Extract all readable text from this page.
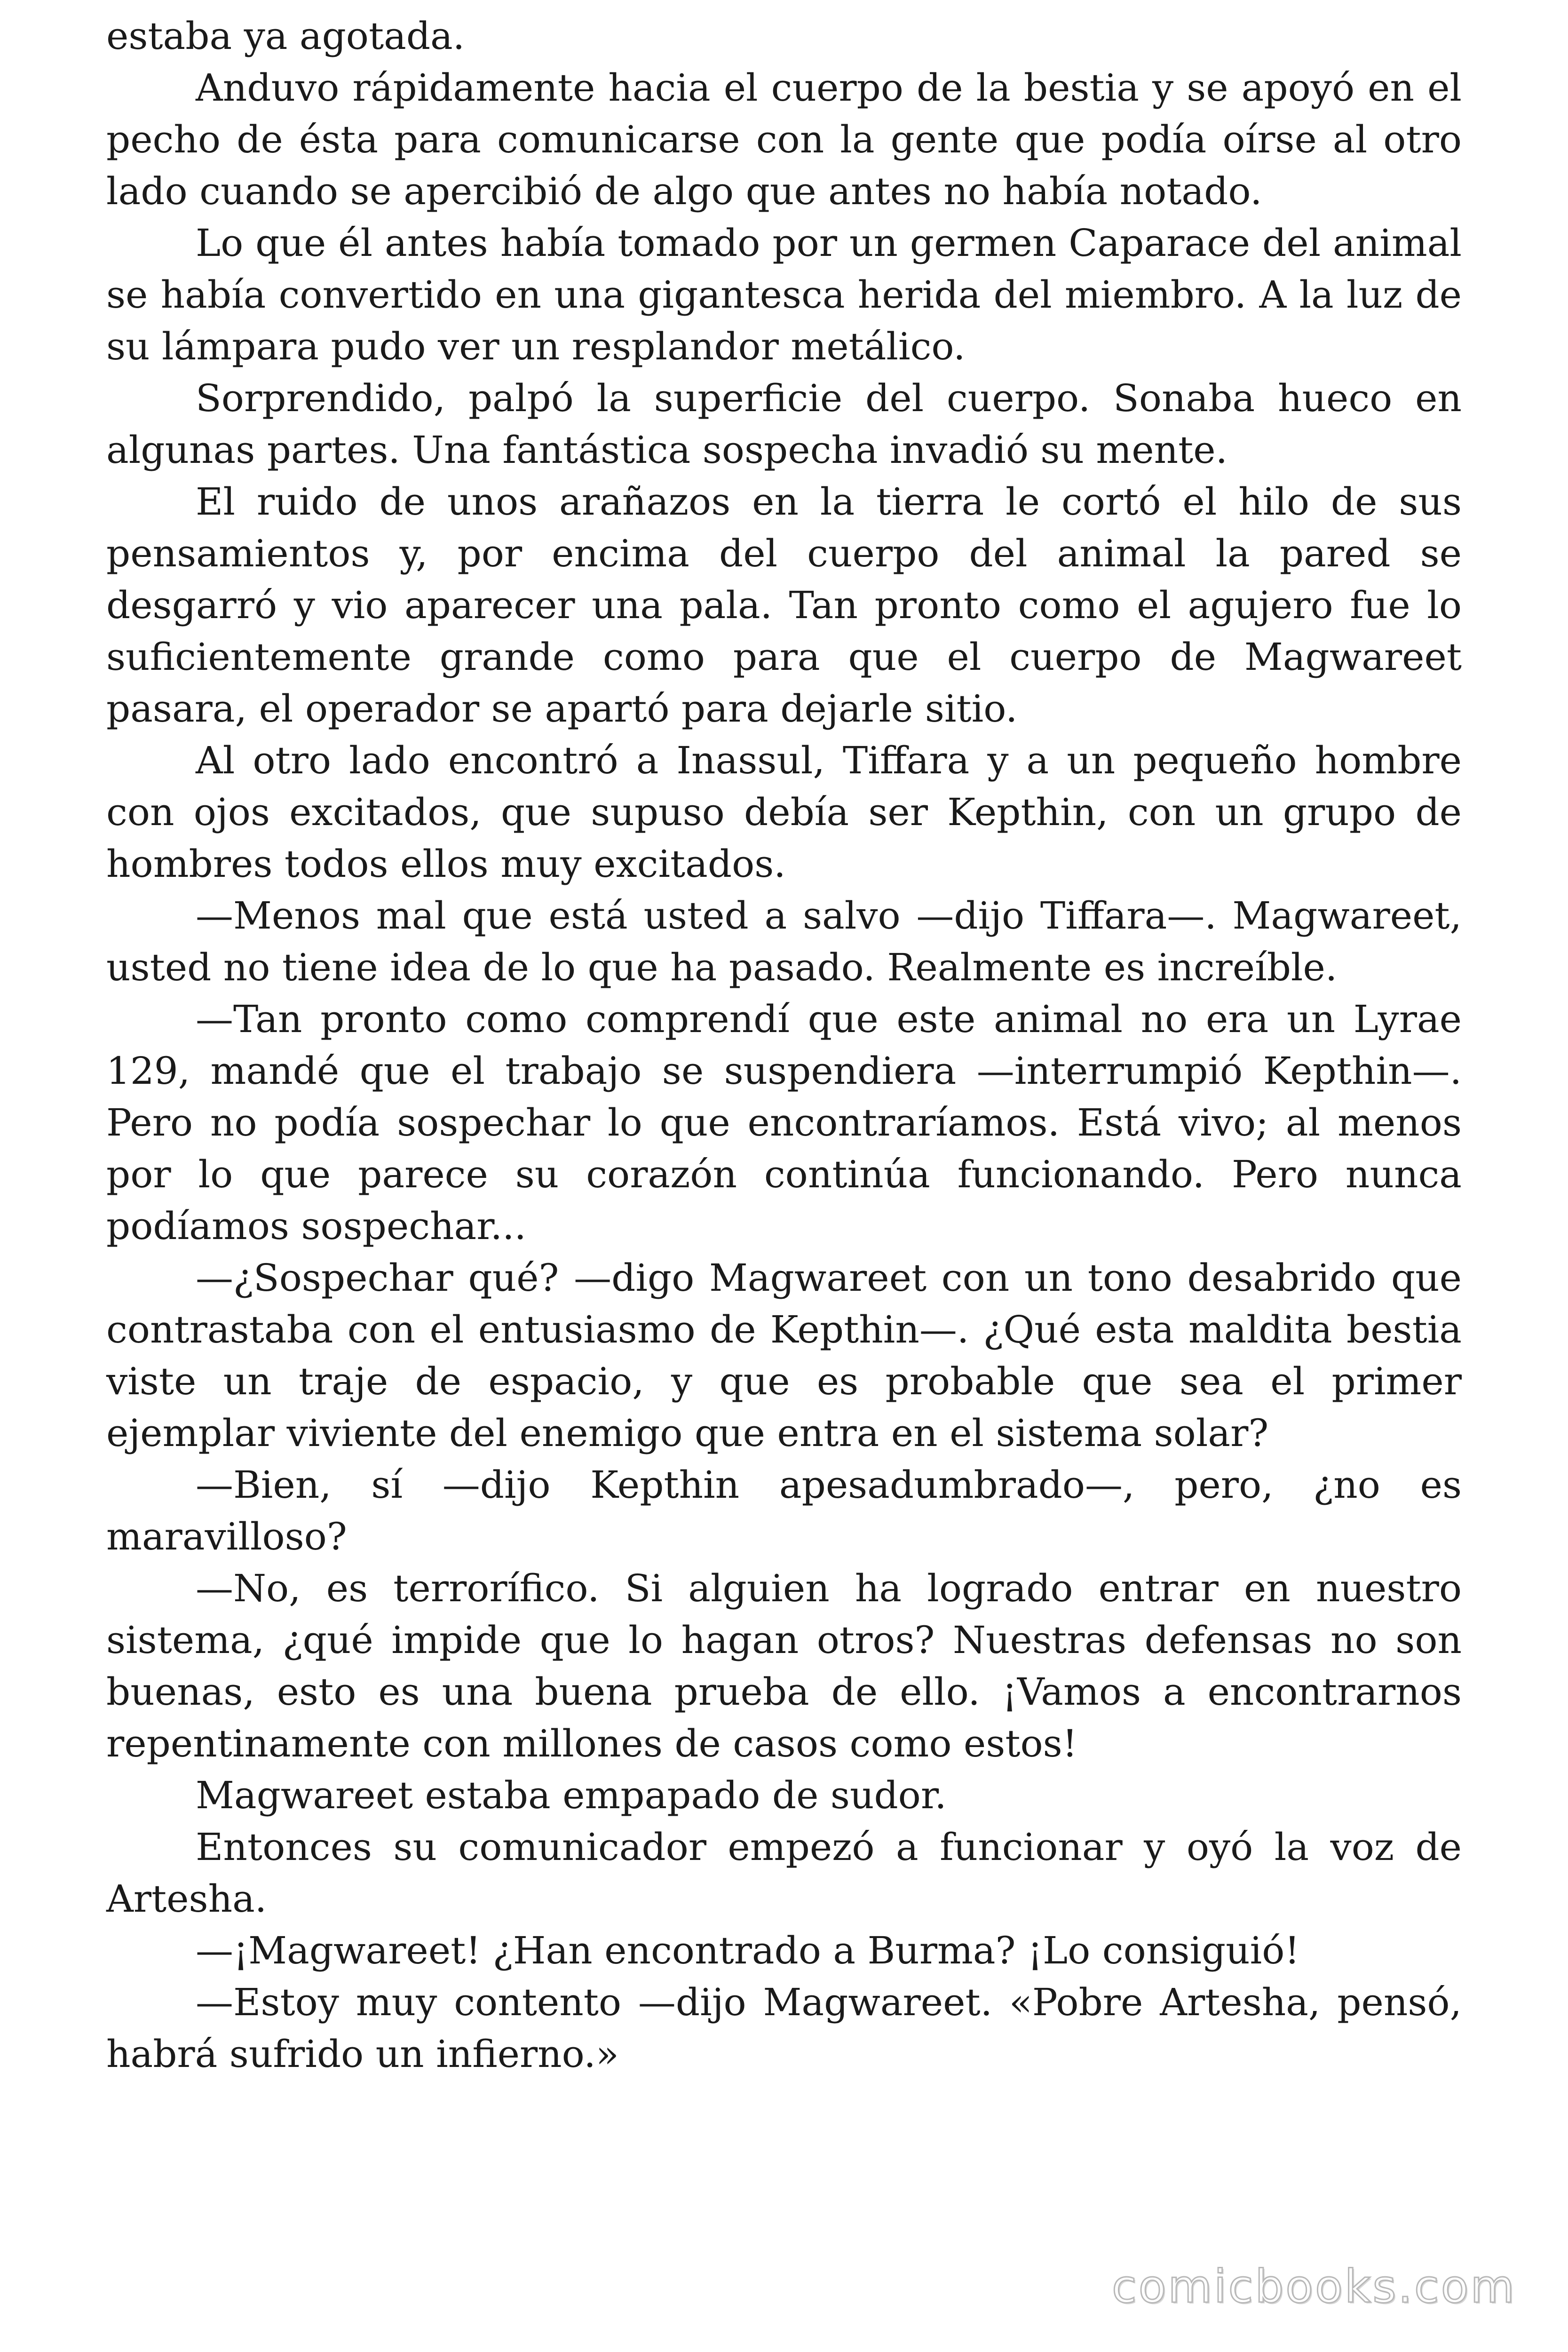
estaba ya agotada.

Anduvo rápidamente hacia el cuerpo de la bestia y se apoyó en el pecho de ésta para comunicarse con la gente que podía oírse al otro lado cuando se apercibió de algo que antes no había notado.

Lo que él antes había tomado por un germen Caparace del animal se había convertido en una gigantesca herida del miembro. A la luz de su lámpara pudo ver un resplandor metálico.

Sorprendido, palpó la superficie del cuerpo. Sonaba hueco en algunas partes. Una fantástica sospecha invadió su mente.

El ruido de unos arañazos en la tierra le cortó el hilo de sus pensamientos y, por encima del cuerpo del animal la pared se desgarró y vio aparecer una pala. Tan pronto como el agujero fue lo suficientemente grande como para que el cuerpo de Magwareet pasara, el operador se apartó para dejarle sitio.

Al otro lado encontró a Inassul, Tiffara y a un pequeño hombre con ojos excitados, que supuso debía ser Kepthin, con un grupo de hombres todos ellos muy excitados.

—Menos mal que está usted a salvo —dijo Tiffara—. Magwareet, usted no tiene idea de lo que ha pasado. Realmente es increíble.

—Tan pronto como comprendí que este animal no era un Lyrae 129, mandé que el trabajo se suspendiera —interrumpió Kepthin—. Pero no podía sospechar lo que encontraríamos. Está vivo; al menos por lo que parece su corazón continúa funcionando. Pero nunca podíamos sospechar...

—¿Sospechar qué? —digo Magwareet con un tono desabrido que contrastaba con el entusiasmo de Kepthin—. ¿Qué esta maldita bestia viste un traje de espacio, y que es probable que sea el primer ejemplar viviente del enemigo que entra en el sistema solar?

—Bien, sí —dijo Kepthin apesadumbrado—, pero, ¿no es maravilloso?

—No, es terrorífico. Si alguien ha logrado entrar en nuestro sistema, ¿qué impide que lo hagan otros? Nuestras defensas no son buenas, esto es una buena prueba de ello. ¡Vamos a encontrarnos repentinamente con millones de casos como estos!

Magwareet estaba empapado de sudor.

Entonces su comunicador empezó a funcionar y oyó la voz de Artesha.

—¡Magwareet! ¿Han encontrado a Burma? ¡Lo consiguió!

—Estoy muy contento —dijo Magwareet. «Pobre Artesha, pensó, habrá sufrido un infierno.»

comicbooks.com
